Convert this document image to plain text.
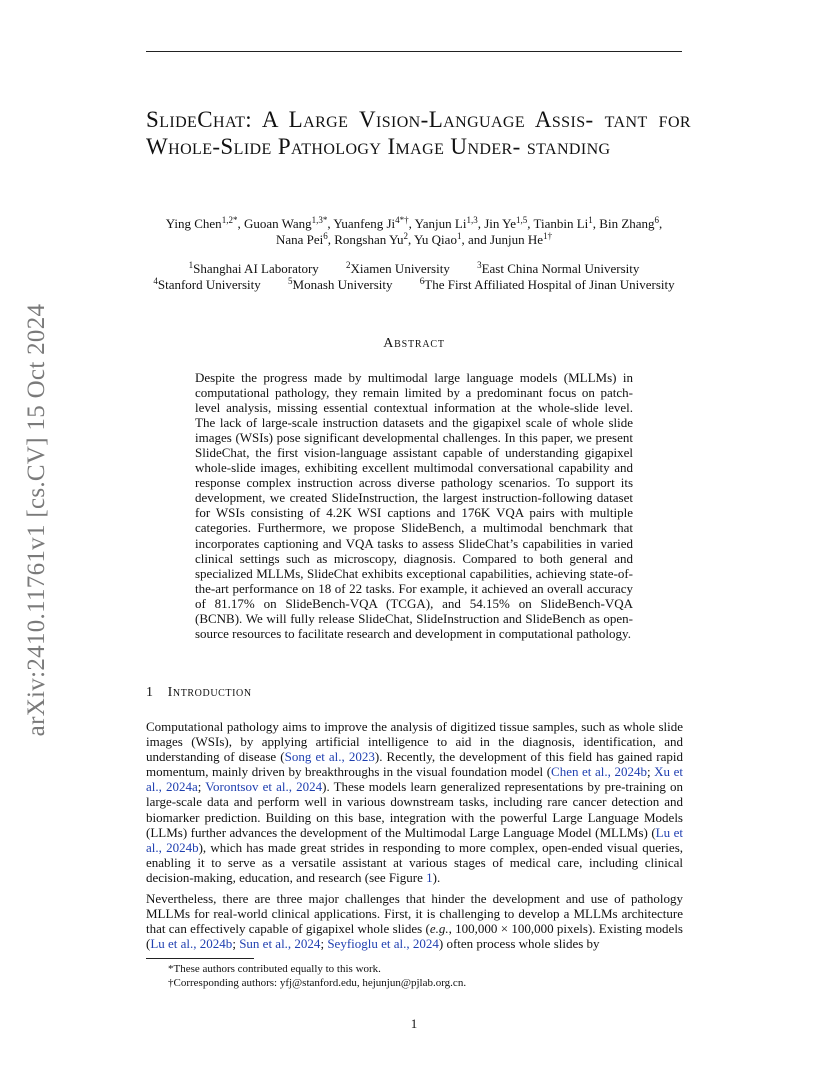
arXiv:2410.11761v1 [cs.CV] 15 Oct 2024
SlideChat: A Large Vision-Language Assis- tant for Whole-Slide Pathology Image Under- standing
Ying Chen$^{1,2*}$, Guoan Wang$^{1,3*}$, Yuanfeng $Ji^{4*\dagger}$, Yanjun Li$^{1,3}$, Jin Ye$^{1,5}$, Tianbin Li$^1$, Bin Zhang$^6$,
Nana Pei$^6$, Rongshan Yu$^2$, Yu Qiao$^1$, and Junjun $He^{1\dagger}$
$^1$Shanghai AI Laboratory	$^2$Xiamen University	$^3$East China Normal University
$^4$Stanford University	$^5$Monash University	$^6$The First Affiliated Hospital of Jinan University
Abstract

Despite the progress made by multimodal large language models (MLLMs) in computational pathology, they remain limited by a predominant focus on patch-level analysis, missing essential contextual information at the whole-slide level. The lack of large-scale instruction datasets and the gigapixel scale of whole slide images (WSIs) pose significant developmental challenges. In this paper, we present SlideChat, the first vision-language assistant capable of understanding gigapixel whole-slide images, exhibiting excellent multimodal conversational capability and response complex instruction across diverse pathology scenarios. To support its development, we created SlideInstruction, the largest instruction-following dataset for WSIs consisting of 4.2K WSI captions and 176K VQA pairs with multiple categories. Furthermore, we propose SlideBench, a multimodal benchmark that incorporates captioning and VQA tasks to assess SlideChat’s capabilities in varied clinical settings such as microscopy, diagnosis. Compared to both general and specialized MLLMs, SlideChat exhibits exceptional capabilities, achieving state-of-the-art performance on 18 of 22 tasks. For example, it achieved an overall accuracy of 81.17% on SlideBench-VQA (TCGA), and 54.15% on SlideBench-VQA (BCNB). We will fully release SlideChat, SlideInstruction and SlideBench as open-source resources to facilitate research and development in computational pathology.

1 Introduction

Computational pathology aims to improve the analysis of digitized tissue samples, such as whole slide images (WSIs), by applying artificial intelligence to aid in the diagnosis, identification, and understanding of disease (Song et al., 2023). Recently, the development of this field has gained rapid momentum, mainly driven by breakthroughs in the visual foundation model (Chen et al., 2024b; Xu et al., 2024a; Vorontsov et al., 2024). These models learn generalized representations by pre-training on large-scale data and perform well in various downstream tasks, including rare cancer detection and biomarker prediction. Building on this base, integration with the powerful Large Language Models (LLMs) further advances the development of the Multimodal Large Language Model (MLLMs) (Lu et al., 2024b), which has made great strides in responding to more complex, open-ended visual queries, enabling it to serve as a versatile assistant at various stages of medical care, including clinical decision-making, education, and research (see Figure 1).

Nevertheless, there are three major challenges that hinder the development and use of pathology MLLMs for real-world clinical applications. First, it is challenging to develop a MLLMs architecture that can effectively capable of gigapixel whole slides (e.g., 100,000 × 100,000 pixels). Existing models (Lu et al., 2024b; Sun et al., 2024; Seyfioglu et al., 2024) often process whole slides by

*These authors contributed equally to this work.
†Corresponding authors: yfj@stanford.edu, hejunjun@pjlab.org.cn.
1
